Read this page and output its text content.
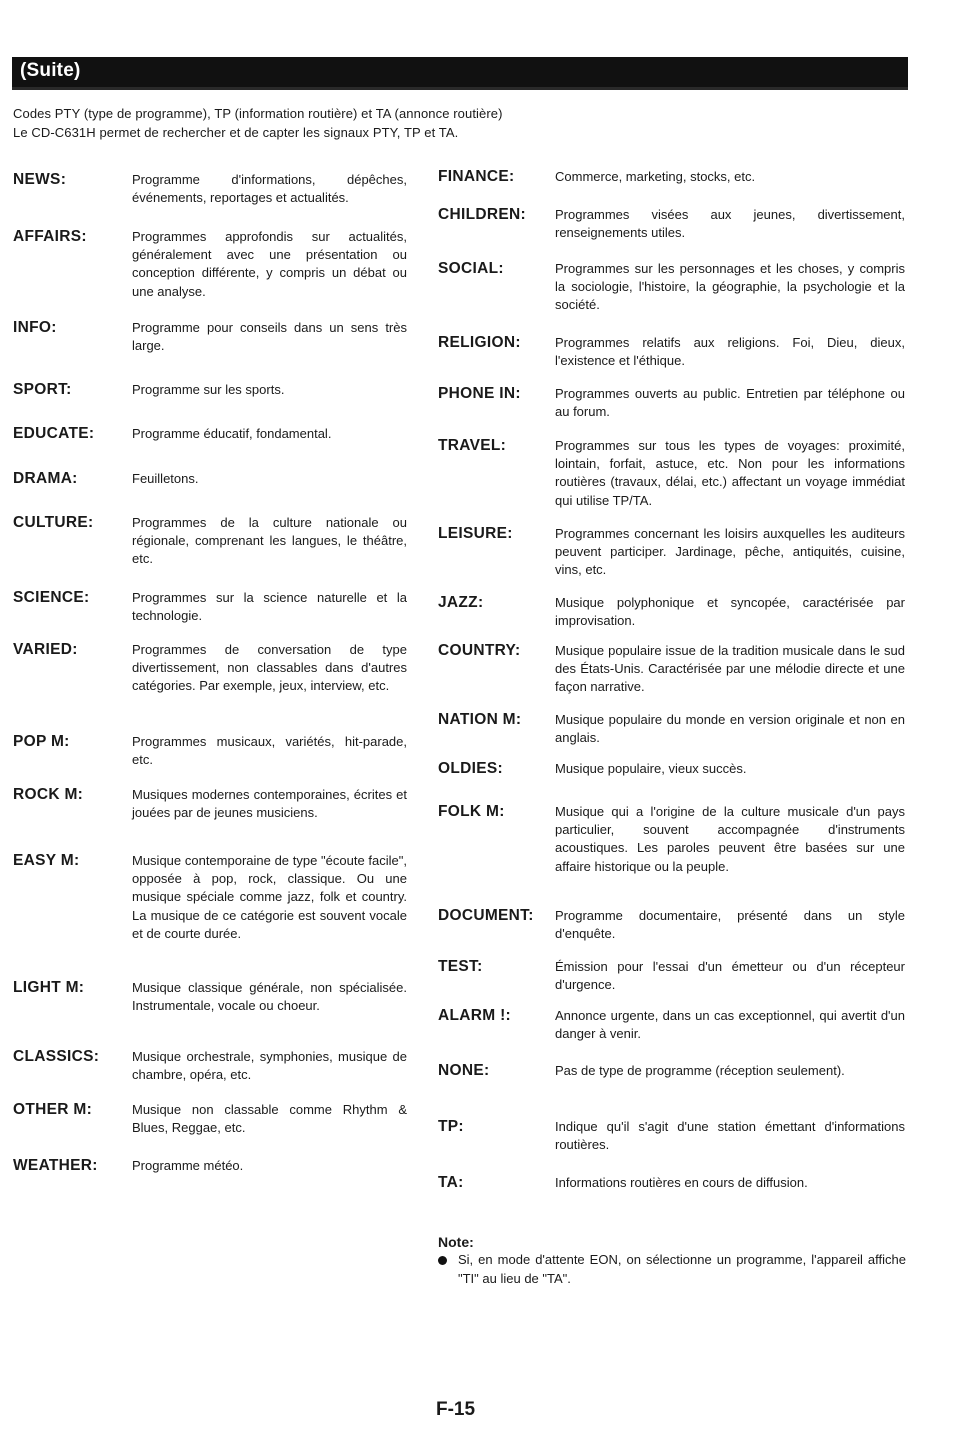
(Suite)
Codes PTY (type de programme), TP (information routière) et TA (annonce routière)
Le CD-C631H permet de rechercher et de capter les signaux PTY, TP et TA.
NEWS:	Programme d'informations, dépêches, événements, reportages et actualités.
AFFAIRS:	Programmes approfondis sur actualités, généralement avec une présentation ou conception différente, y compris un débat ou une analyse.
INFO:	Programme pour conseils dans un sens très large.
SPORT:	Programme sur les sports.
EDUCATE:	Programme éducatif, fondamental.
DRAMA:	Feuilletons.
CULTURE:	Programmes de la culture nationale ou régionale, comprenant les langues, le théâtre, etc.
SCIENCE:	Programmes sur la science naturelle et la technologie.
VARIED:	Programmes de conversation de type divertissement, non classables dans d'autres catégories. Par exemple, jeux, interview, etc.
POP M:	Programmes musicaux, variétés, hit-parade, etc.
ROCK M:	Musiques modernes contemporaines, écrites et jouées par de jeunes musiciens.
EASY M:	Musique contemporaine de type "écoute facile", opposée à pop, rock, classique. Ou une musique spéciale comme jazz, folk et country. La musique de ce catégorie est souvent vocale et de courte durée.
LIGHT M:	Musique classique générale, non spécialisée. Instrumentale, vocale ou choeur.
CLASSICS:	Musique orchestrale, symphonies, musique de chambre, opéra, etc.
OTHER M:	Musique non classable comme Rhythm & Blues, Reggae, etc.
WEATHER:	Programme météo.
FINANCE:	Commerce, marketing, stocks, etc.
CHILDREN: Programmes visées aux jeunes, divertissement, renseignements utiles.
SOCIAL:	Programmes sur les personnages et les choses, y compris la sociologie, l'histoire, la géographie, la psychologie et la société.
RELIGION:	Programmes relatifs aux religions. Foi, Dieu, dieux, l'existence et l'éthique.
PHONE IN:	Programmes ouverts au public. Entretien par téléphone ou au forum.
TRAVEL:	Programmes sur tous les types de voyages: proximité, lointain, forfait, astuce, etc. Non pour les informations routières (travaux, délai, etc.) affectant un voyage immédiat qui utilise TP/TA.
LEISURE:	Programmes concernant les loisirs auxquelles les auditeurs peuvent participer. Jardinage, pêche, antiquités, cuisine, vins, etc.
JAZZ:	Musique polyphonique et syncopée, caractérisée par improvisation.
COUNTRY:	Musique populaire issue de la tradition musicale dans le sud des États-Unis. Caractérisée par une mélodie directe et une façon narrative.
NATION M:	Musique populaire du monde en version originale et non en anglais.
OLDIES:	Musique populaire, vieux succès.
FOLK M:	Musique qui a l'origine de la culture musicale d'un pays particulier, souvent accompagnée d'instruments acoustiques. Les paroles peuvent être basées sur une affaire historique ou la peuple.
DOCUMENT: Programme documentaire, présenté dans un style d'enquête.
TEST:	Émission pour l'essai d'un émetteur ou d'un récepteur d'urgence.
ALARM !:	Annonce urgente, dans un cas exceptionnel, qui avertit d'un danger à venir.
NONE:	Pas de type de programme (réception seulement).
TP:	Indique qu'il s'agit d'une station émettant d'informations routières.
TA:	Informations routières en cours de diffusion.
Note:
Si, en mode d'attente EON, on sélectionne un programme, l'appareil affiche "TI" au lieu de "TA".
F-15
